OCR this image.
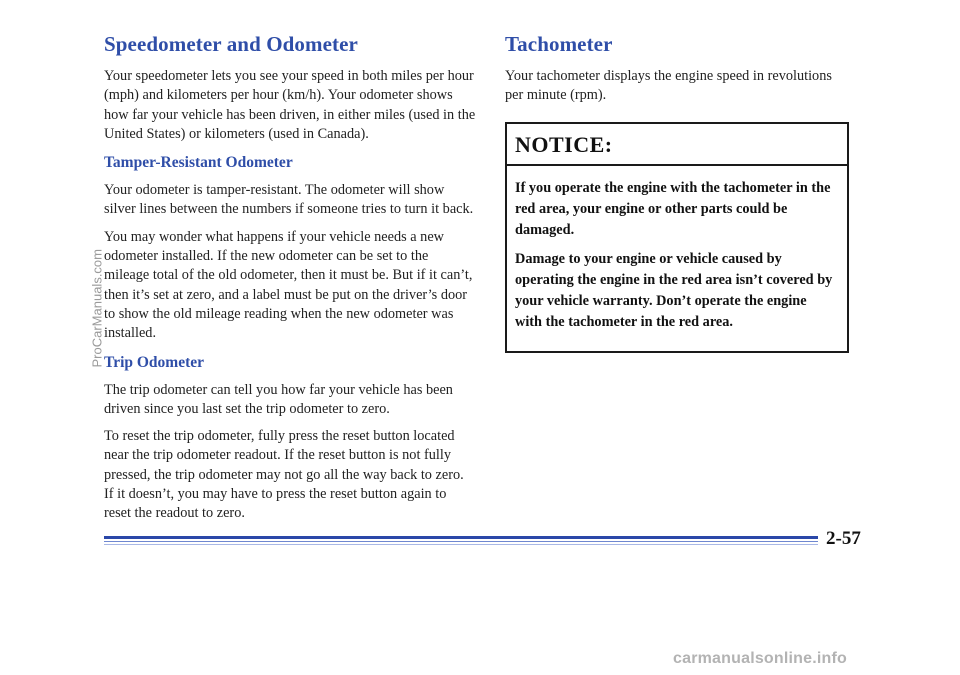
Speedometer and Odometer

Your speedometer lets you see your speed in both miles per hour (mph) and kilometers per hour (km/h). Your odometer shows how far your vehicle has been driven, in either miles (used in the United States) or kilometers (used in Canada).

Tamper-Resistant Odometer

Your odometer is tamper-resistant. The odometer will show silver lines between the numbers if someone tries to turn it back.

You may wonder what happens if your vehicle needs a new odometer installed. If the new odometer can be set to the mileage total of the old odometer, then it must be. But if it can’t, then it’s set at zero, and a label must be put on the driver’s door to show the old mileage reading when the new odometer was installed.

Trip Odometer

The trip odometer can tell you how far your vehicle has been driven since you last set the trip odometer to zero.

To reset the trip odometer, fully press the reset button located near the trip odometer readout. If the reset button is not fully pressed, the trip odometer may not go all the way back to zero. If it doesn’t, you may have to press the reset button again to reset the readout to zero.

Tachometer

Your tachometer displays the engine speed in revolutions per minute (rpm).

NOTICE:

If you operate the engine with the tachometer in the red area, your engine or other parts could be damaged.

Damage to your engine or vehicle caused by operating the engine in the red area isn’t covered by your vehicle warranty. Don’t operate the engine with the tachometer in the red area.

2-57
ProCarManuals.com
carmanualsonline.info
